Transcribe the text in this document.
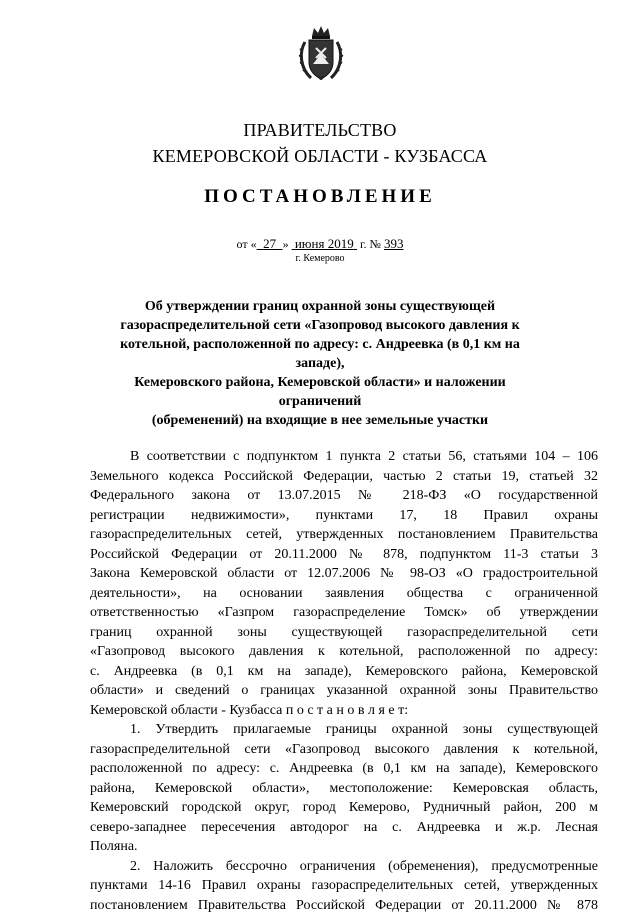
ПРАВИТЕЛЬСТВО
КЕМЕРОВСКОЙ ОБЛАСТИ - КУЗБАССА
ПОСТАНОВЛЕНИЕ
от « 27 » июня 2019 г. № 393
г. Кемерово
Об утверждении границ охранной зоны существующей
газораспределительной сети «Газопровод высокого давления к
котельной, расположенной по адресу: с. Андреевка (в 0,1 км на западе),
Кемеровского района, Кемеровской области» и наложении ограничений
(обременений) на входящие в нее земельные участки
В соответствии с подпунктом 1 пункта 2 статьи 56, статьями 104 – 106
Земельного кодекса Российской Федерации, частью 2 статьи 19, статьей 32
Федерального закона от 13.07.2015 № 218-ФЗ «О государственной
регистрации недвижимости», пунктами 17, 18 Правил охраны
газораспределительных сетей, утвержденных постановлением Правительства
Российской Федерации от 20.11.2000 № 878, подпунктом 11-3 статьи 3
Закона Кемеровской области от 12.07.2006 № 98-ОЗ «О градостроительной
деятельности», на основании заявления общества с ограниченной
ответственностью «Газпром газораспределение Томск» об утверждении
границ охранной зоны существующей газораспределительной сети
«Газопровод высокого давления к котельной, расположенной по адресу:
с. Андреевка (в 0,1 км на западе), Кемеровского района, Кемеровской
области» и сведений о границах указанной охранной зоны Правительство
Кемеровской области - Кузбасса п о с т а н о в л я е т:
1. Утвердить прилагаемые границы охранной зоны существующей
газораспределительной сети «Газопровод высокого давления к котельной,
расположенной по адресу: с. Андреевка (в 0,1 км на западе), Кемеровского
района, Кемеровской области», местоположение: Кемеровская область,
Кемеровский городской округ, город Кемерово, Рудничный район, 200 м
северо-западнее пересечения автодорог на с. Андреевка и ж.р. Лесная
Поляна.
2. Наложить бессрочно ограничения (обременения), предусмотренные
пунктами 14-16 Правил охраны газораспределительных сетей, утвержденных
постановлением Правительства Российской Федерации от 20.11.2000 № 878
